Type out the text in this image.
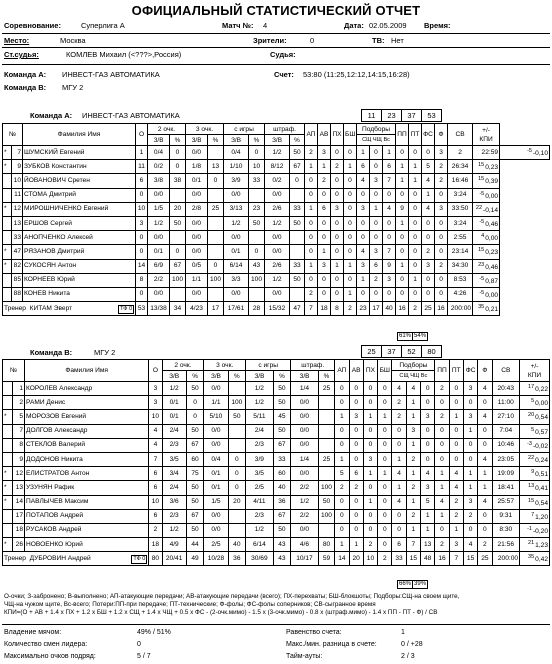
ОФИЦИАЛЬНЫЙ СТАТИСТИЧЕСКИЙ ОТЧЕТ
Соревнование:	Суперлига А	Матч №: 4	Дата: 02.05.2009 Время:
Место:	Москва	Зрители:	0	ТВ: Нет
Ст.судья:	КОМЛЕВ Михаил (<???>,Россия)	Судья:
Команда А: ИНВЕСТ-ГАЗ АВТОМАТИКА	Счет: 53:80 (11:25,12:12,14:15,16:28)
Команда В: МГУ 2
Команда А: ИНВЕСТ-ГАЗ АВТОМАТИКА	11	23	37	53
№		Фамилия Имя	О	2 очк.		3 очк.		с игры		штраф.		АП	АВ	ПХ	БШ	Подборы			ПП	ПТ	ФС	Ф	СВ	+/-
КПИ	
				З/В	%	З/В	%	З/В	%	З/В	%					СЩ ЧЩ Вс									
*	7	ШУМСКИЙ Евгений	1	0/4	0	0/0		0/4	0	1/2	50	2	3	0	0	1	0	1	0	0	0	3	2	22:59	$^{-5}$-0,10
*	9	ЗУБКОВ Константин	11	0/2	0	1/8	13	1/10	10	8/12	67	1	1	2	1	6	0	6	1	1	5	2	26:34	$^{15}$0,23	
	10	ЙОВАНОВИЧ Сретен	6	3/8	38	0/1	0	3/9	33	0/2	0	0	2	0	0	4	3	7	1	1	4	2	16:46	$^{15}$0,39	
	11	СТОМА Дмитрий	0	0/0		0/0		0/0		0/0		0	0	0	0	0	0	0	0	0	1	0	3:24	$^{-5}$0,00	
*	12	МИРОШНИЧЕНКО Евгений	10	1/5	20	2/8	25	3/13	23	2/6	33	1	6	3	0	3	1	4	9	0	4	3	33:50	$^{22}$-0,14	
	13	ЕРШОВ Сергей	3	1/2	50	0/0		1/2	50	1/2	50	0	0	0	0	0	0	0	1	0	0	0	3:24	$^{-5}$0,46	
	33	АНОПЧЕНКО Алексей	0	0/0		0/0		0/0		0/0		0	0	0	0	0	0	0	0	0	0	0	2:55	$^4$0,00	
*	47	РЯЗАНОВ Дмитрий	0	0/1	0	0/0		0/1	0	0/0		0	1	0	0	4	3	7	0	0	2	0	23:14	$^{15}$0,23	
*	82	СУКОСЯН Антон	14	6/9	67	0/5	0	6/14	43	2/6	33	1	3	1	1	3	6	9	1	0	3	2	34:30	$^{23}$0,46	
	85	КОРНЕЕВ Юрий	8	2/2	100	1/1	100	3/3	100	1/2	50	0	0	0	0	1	2	3	0	1	0	0	8:53	$^{-5}$0,87	
	88	КОНЕВ Никита	0	0/0		0/0		0/0		0/0		2	0	0	1	0	0	0	0	0	0	0	4:26	$^{-5}$0,00	
Тренер КИТАМ Эверт ТФ 0			53	13/38	34	4/23	17	17/61	28	15/32	47	7	18	8	2	23	17	40	16	2	25	16	200:00	$^{35}$0,21	
61% 54%
Команда В:	МГУ 2	25	37	52	80
№		Фамилия Имя	О	2 очк.		3 очк.		с игры		штраф.		АП	АВ	ПХ	БШ	Подборы			ПП	ПТ	ФС	Ф	СВ	+/-
КПИ
				З/В	%	З/В	%	З/В	%	З/В	%					СЩ ЧЩ Вс								
	1	КОРОЛЕВ Александр	3	1/2	50	0/0		1/2	50	1/4	25	0	0	0	0	4	4	0	2	0	3	4	20:43	$^{17}$0,22
	2	РАМИ Денис	3	0/1	0	1/1	100	1/2	50	0/0		0	0	0	0	2	1	0	0	0	0	0	11:00	$^5$0,00
*	5	МОРОЗОВ Евгений	10	0/1	0	5/10	50	5/11	45	0/0		1	3	1	1	2	1	3	2	1	3	4	27:10	$^{20}$0,54
	7	ДОЛГОВ Александр	4	2/4	50	0/0		2/4	50	0/0		0	0	0	0	0	3	0	0	0	1	0	7:04	$^5$0,57
	8	СТЕКЛОВ Валерий	4	2/3	67	0/0		2/3	67	0/0		0	0	0	0	0	1	0	0	0	0	0	10:46	$^{-3}$-0,02
	9	ДОДОНОВ Никита	7	3/5	60	0/4	0	3/9	33	1/4	25	1	0	3	0	1	2	0	0	0	0	4	23:05	$^{22}$0,24
*	12	ЕЛИСТРАТОВ Антон	6	3/4	75	0/1	0	3/5	60	0/0		5	6	1	1	4	1	4	1	4	1	1	19:09	$^9$0,51
*	13	УЗУНЯН Рафик	6	2/4	50	0/1	0	2/5	40	2/2	100	2	2	0	0	1	2	3	1	4	1	1	18:41	$^{13}$0,41
*	14	ПАВЛЫЧЕВ Максим	10	3/6	50	1/5	20	4/11	36	1/2	50	0	0	1	0	4	1	5	4	2	3	4	25:57	$^{15}$0,54
	17	ПОТАПОВ Андрей	6	2/3	67	0/0		2/3	67	2/2	100	0	0	0	0	0	2	1	1	2	2	0	9:31	$^7$1,20
	18	РУСАКОВ Андрей	2	1/2	50	0/0		1/2	50	0/0		0	0	0	0	0	1	1	0	1	0	0	8:30	$^{-1}$-0,20
*	26	НОВОЕНКО Юрий	18	4/9	44	2/5	40	6/14	43	4/6	80	1	1	2	0	6	7	13	2	3	4	2	21:56	$^{21}$1,23
Тренер ДУБРОВИН Андрей ТФ 0			80	20/41	49	10/28	36	30/69	43	10/17	59	14	20	10	2	33	15	48	16	7	15	25	200:00	$^{35}$0,42
66% 39%
О-очки; З-забронено; В-выполнено; АП-атакующие передачи; АВ-атакующие передачи (всего); ПХ-перехваты; БШ-блокшоты; Подборы:СЩ-на своем щите,
ЧЩ-на чужом щите, Вс-всего; Потери:ПП-при передаче; ПТ-технические; Ф-фолы; ФС-фолы соперников; СВ-сыгранное время
КПИ=(О + АВ + 1.4 х ПХ + 1.2 х БШ + 1.2 х СЩ + 1.4 х ЧЩ + 0.5 х ФС - (2-очк.мимо) - 1.5 х (3-очк.мимо) - 0.8 х (штраф.мимо) - 1.4 х ПП - ПТ - Ф) / СВ
Владение мячом:	49% / 51%
Количество смен лидера:	0
Максимально очков подряд:	5 / 7
Равенство счета:	1
Макс./мин. разница в счете:	0 / +28
Тайм-ауты:	2 / 3
